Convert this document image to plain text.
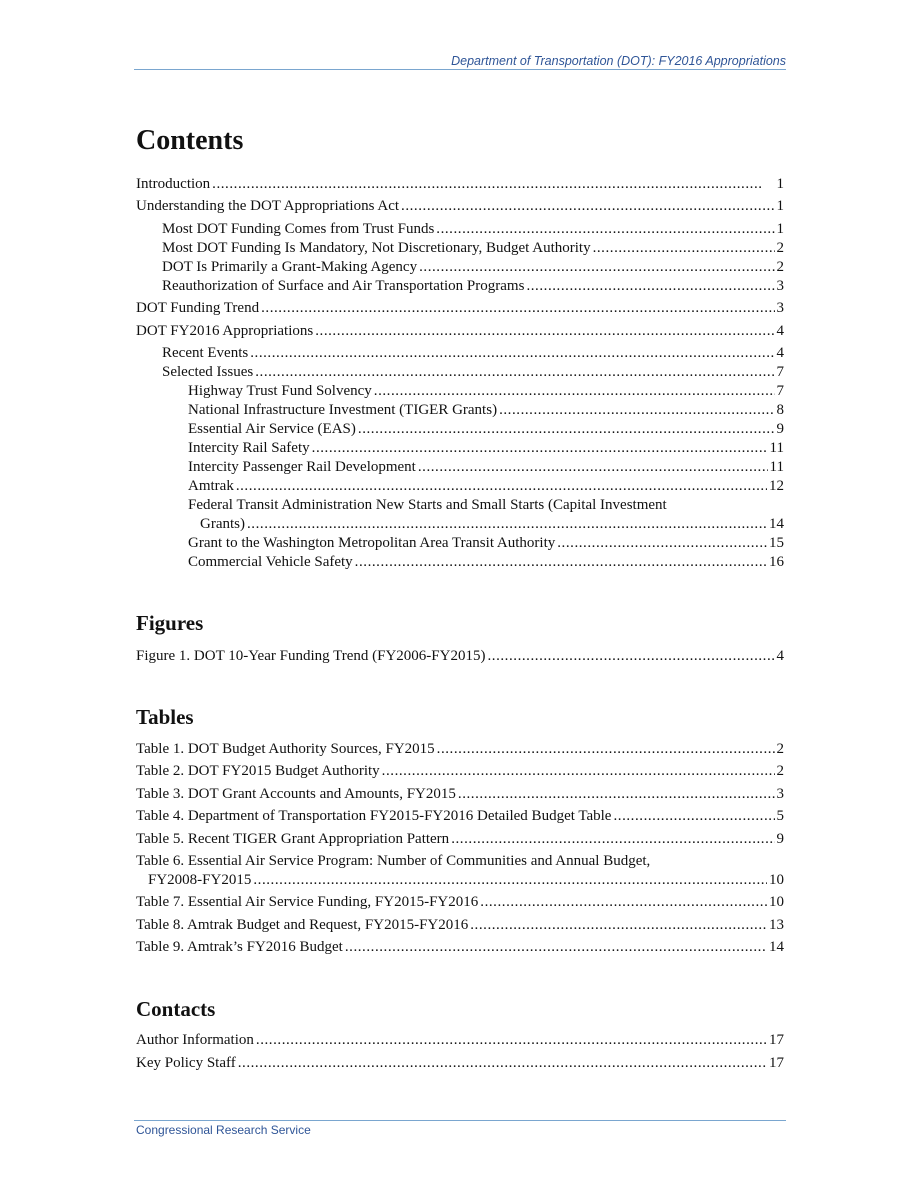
Department of Transportation (DOT): FY2016 Appropriations
Contents
Introduction . . .	1
Understanding the DOT Appropriations Act . . .	1
Most DOT Funding Comes from Trust Funds . . .	1
Most DOT Funding Is Mandatory, Not Discretionary, Budget Authority . . .	2
DOT Is Primarily a Grant-Making Agency . . .	2
Reauthorization of Surface and Air Transportation Programs . . .	3
DOT Funding Trend . . .	3
DOT FY2016 Appropriations . . .	4
Recent Events . . .	4
Selected Issues . . .	7
Highway Trust Fund Solvency . . .	7
National Infrastructure Investment (TIGER Grants) . . .	8
Essential Air Service (EAS) . . .	9
Intercity Rail Safety . . .	11
Intercity Passenger Rail Development . . .	11
Amtrak . . .	12
Federal Transit Administration New Starts and Small Starts (Capital Investment
Grants) . . .	14
Grant to the Washington Metropolitan Area Transit Authority . . .	15
Commercial Vehicle Safety . . .	16
Figures
Figure 1. DOT 10-Year Funding Trend (FY2006-FY2015) . . .	4
Tables
Table 1. DOT Budget Authority Sources, FY2015 . . .	2
Table 2. DOT FY2015 Budget Authority . . .	2
Table 3. DOT Grant Accounts and Amounts, FY2015 . . .	3
Table 4. Department of Transportation FY2015-FY2016 Detailed Budget Table . . .	5
Table 5. Recent TIGER Grant Appropriation Pattern . . .	9
Table 6. Essential Air Service Program: Number of Communities and Annual Budget,
FY2008-FY2015 . . .	10
Table 7. Essential Air Service Funding, FY2015-FY2016 . . .	10
Table 8. Amtrak Budget and Request, FY2015-FY2016 . . .	13
Table 9. Amtrak’s FY2016 Budget . . .	14
Contacts
Author Information . . .	17
Key Policy Staff . . .	17
Congressional Research Service
